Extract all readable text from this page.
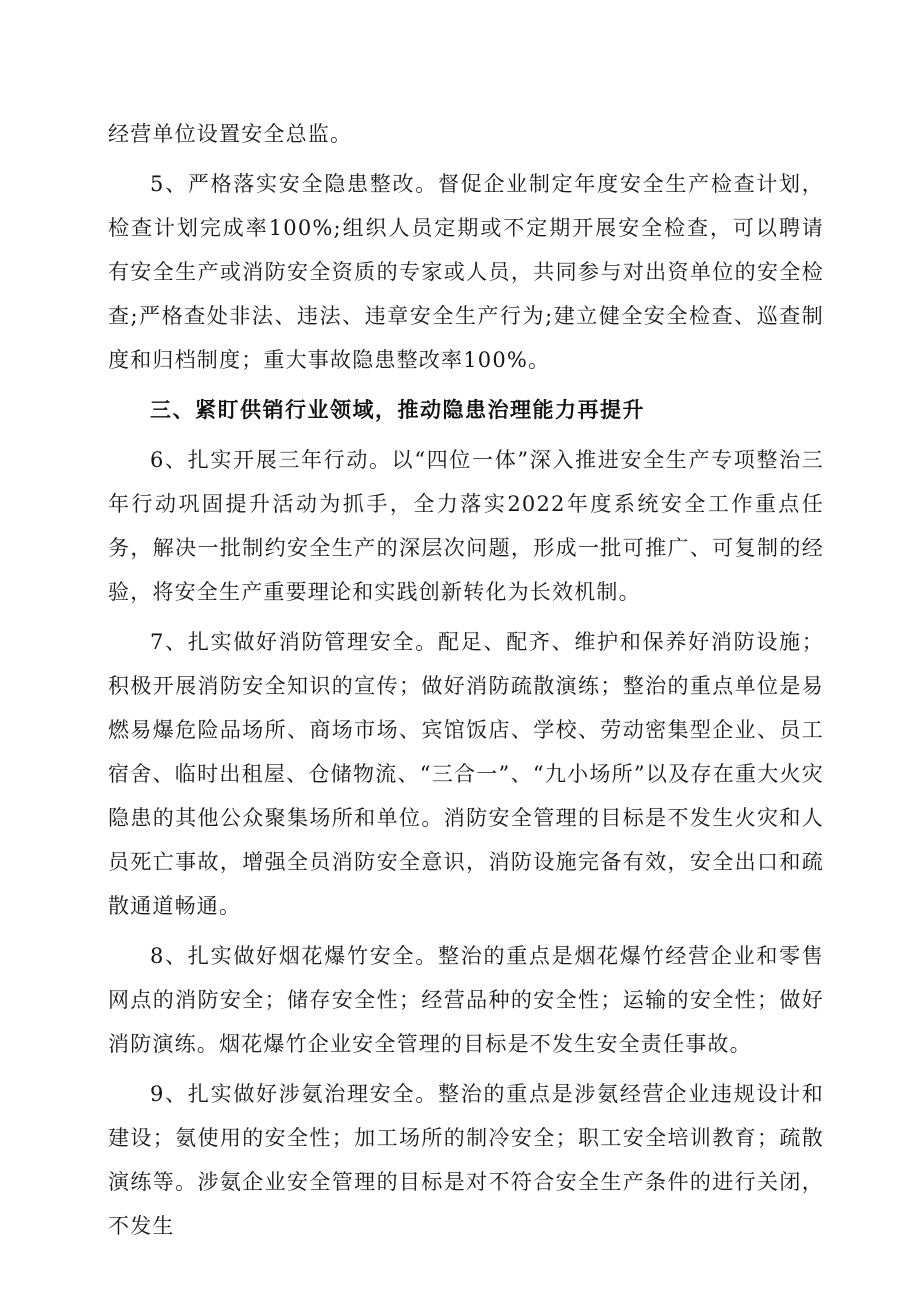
经营单位设置安全总监。

5、严格落实安全隐患整改。督促企业制定年度安全生产检查计划，检查计划完成率100%;组织人员定期或不定期开展安全检查，可以聘请有安全生产或消防安全资质的专家或人员，共同参与对出资单位的安全检查;严格查处非法、违法、违章安全生产行为;建立健全安全检查、巡查制度和归档制度；重大事故隐患整改率100%。

三、紧盯供销行业领域，推动隐患治理能力再提升

6、扎实开展三年行动。以“四位一体”深入推进安全生产专项整治三年行动巩固提升活动为抓手，全力落实2022年度系统安全工作重点任务，解决一批制约安全生产的深层次问题，形成一批可推广、可复制的经验，将安全生产重要理论和实践创新转化为长效机制。

7、扎实做好消防管理安全。配足、配齐、维护和保养好消防设施；积极开展消防安全知识的宣传；做好消防疏散演练；整治的重点单位是易燃易爆危险品场所、商场市场、宾馆饭店、学校、劳动密集型企业、员工宿舍、临时出租屋、仓储物流、“三合一”、“九小场所”以及存在重大火灾隐患的其他公众聚集场所和单位。消防安全管理的目标是不发生火灾和人员死亡事故，增强全员消防安全意识，消防设施完备有效，安全出口和疏散通道畅通。

8、扎实做好烟花爆竹安全。整治的重点是烟花爆竹经营企业和零售网点的消防安全；储存安全性；经营品种的安全性；运输的安全性；做好消防演练。烟花爆竹企业安全管理的目标是不发生安全责任事故。

9、扎实做好涉氨治理安全。整治的重点是涉氨经营企业违规设计和建设；氨使用的安全性；加工场所的制冷安全；职工安全培训教育；疏散演练等。涉氨企业安全管理的目标是对不符合安全生产条件的进行关闭，不发生
